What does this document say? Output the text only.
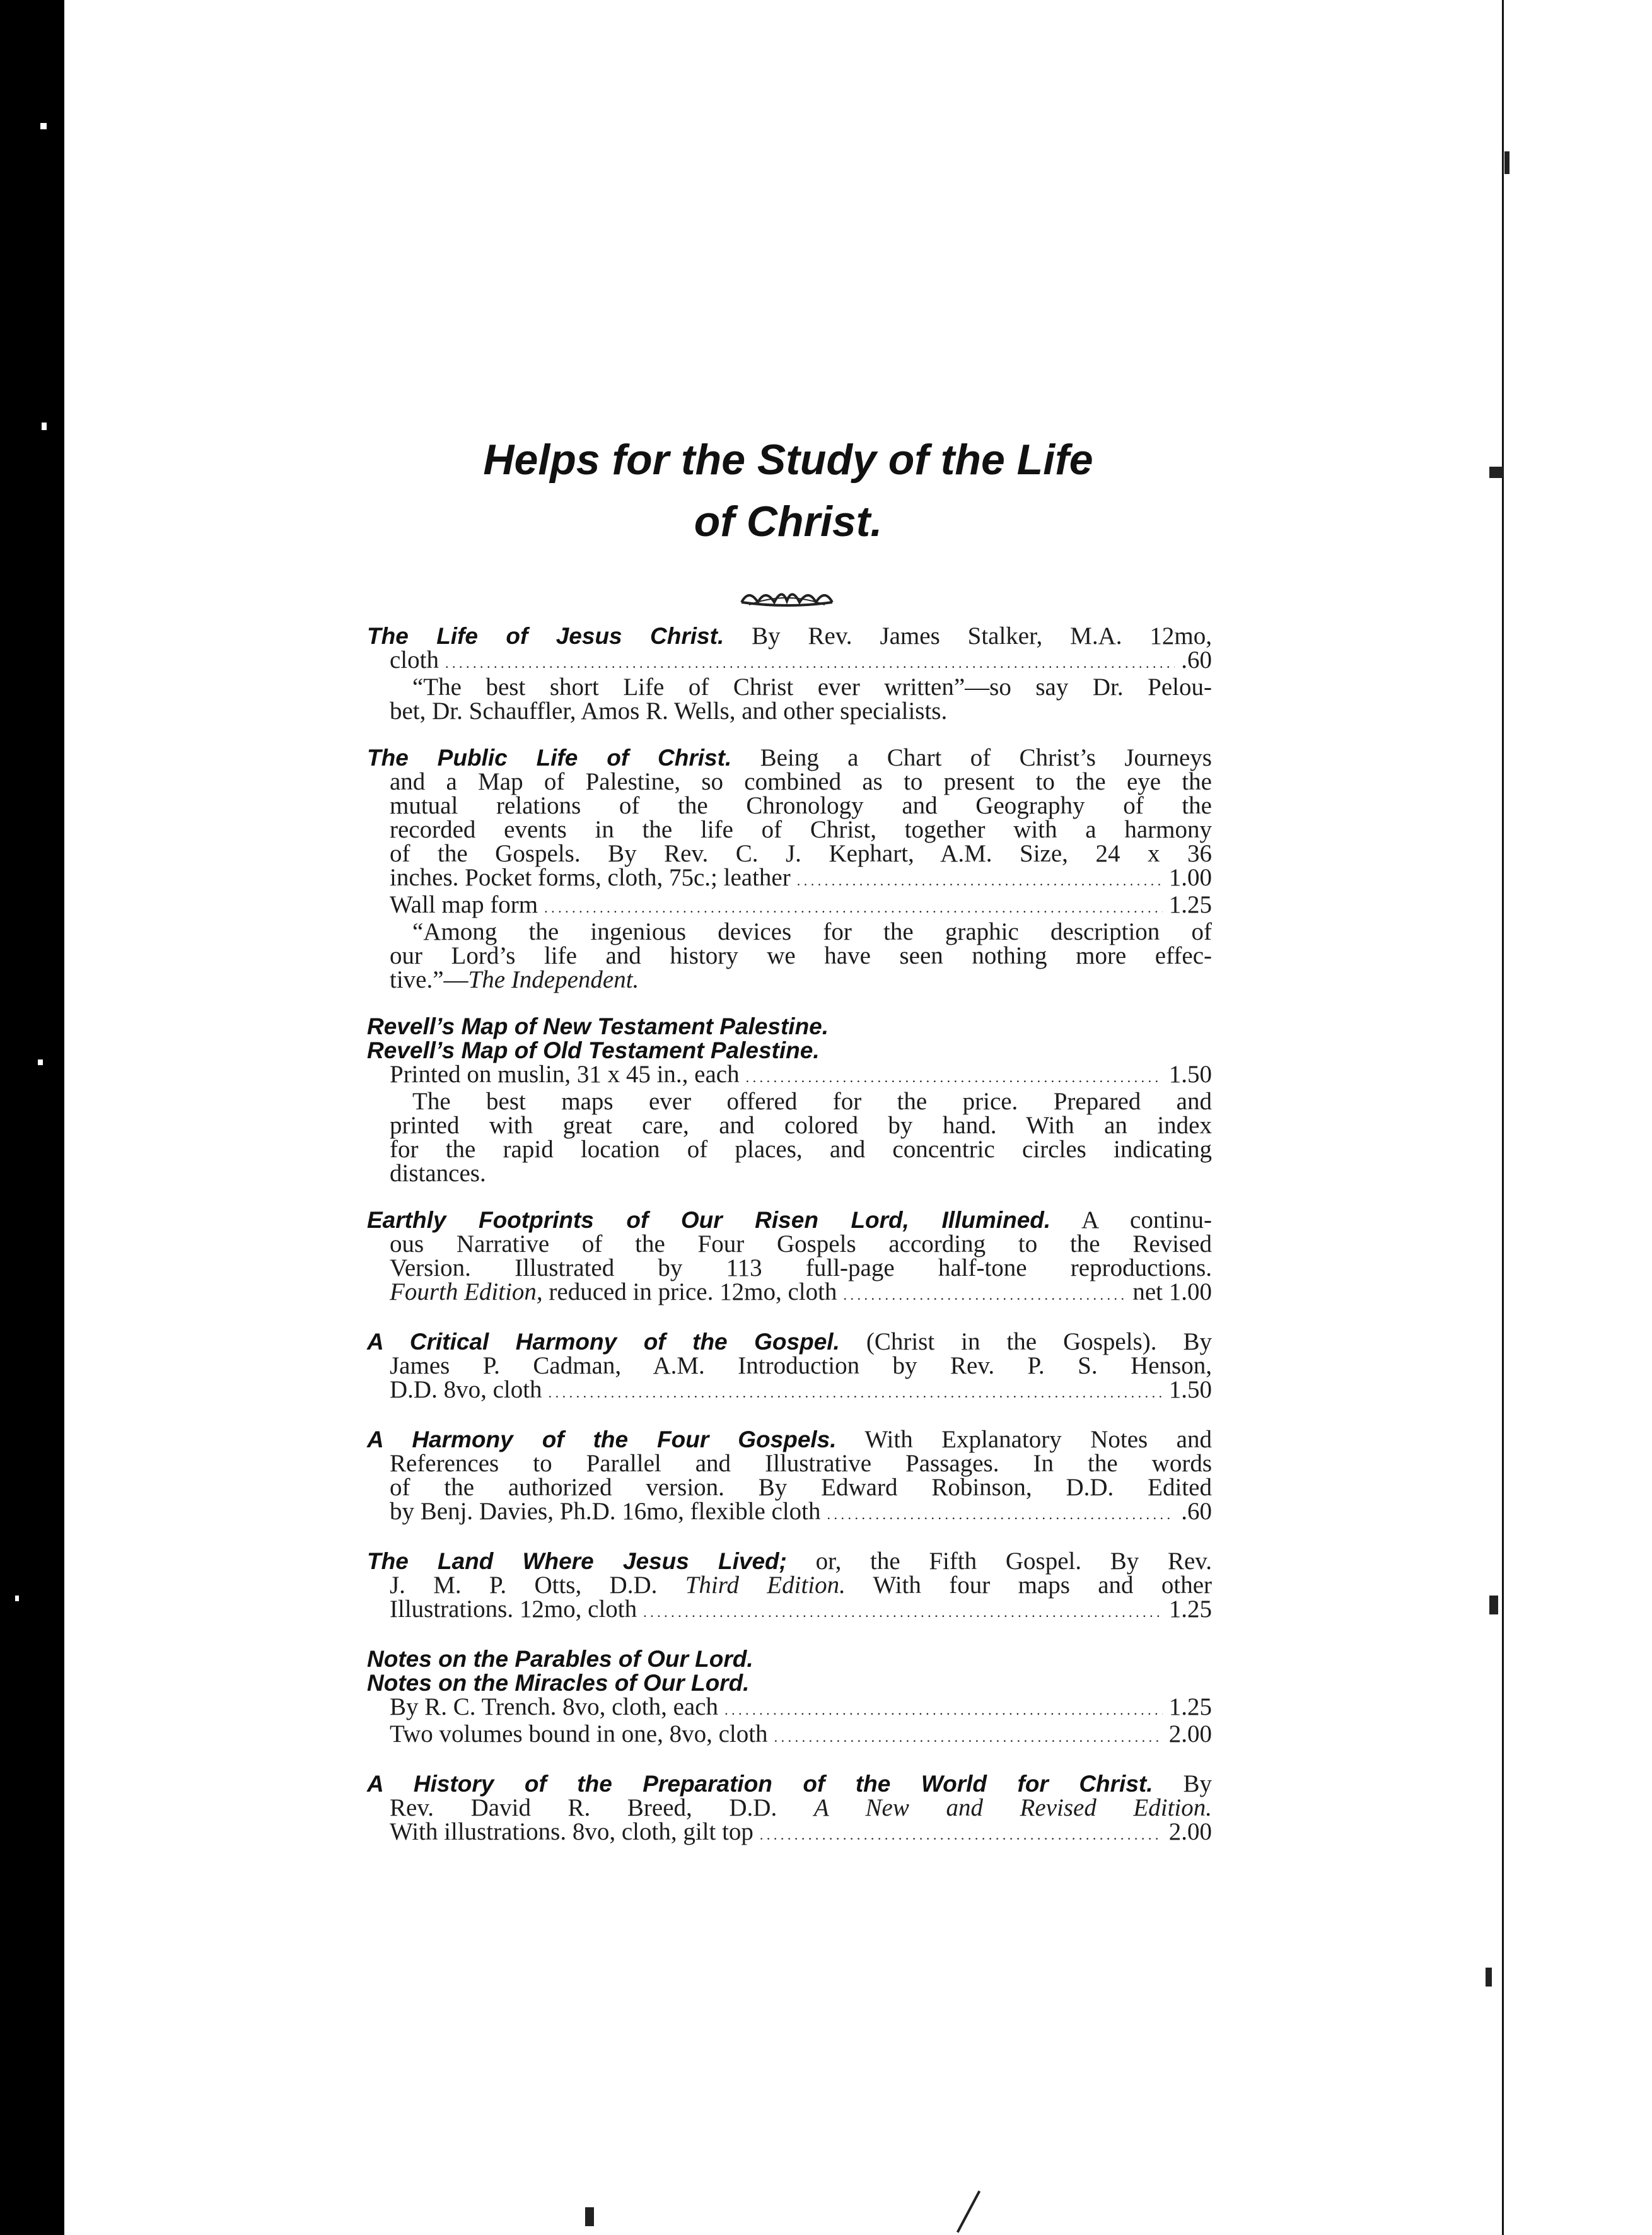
Helps for the Study of the Life
of Christ.
The Life of Jesus Christ. By Rev. James Stalker, M.A. 12mo,
cloth . . .	.60
“The best short Life of Christ ever written”—so say Dr. Pelou-
bet, Dr. Schauffler, Amos R. Wells, and other specialists.
The Public Life of Christ. Being a Chart of Christ’s Journeys
and a Map of Palestine, so combined as to present to the eye the
mutual relations of the Chronology and Geography of the
recorded events in the life of Christ, together with a harmony
of the Gospels. By Rev. C. J. Kephart, A.M. Size, 24 x 36
inches. Pocket forms, cloth, 75c.; leather . . .	1.00
Wall map form . . .	1.25
“Among the ingenious devices for the graphic description of
our Lord’s life and history we have seen nothing more effec-
tive.”—The Independent.
Revell’s Map of New Testament Palestine.
Revell’s Map of Old Testament Palestine.
Printed on muslin, 31 x 45 in., each . . .	1.50
The best maps ever offered for the price. Prepared and
printed with great care, and colored by hand. With an index
for the rapid location of places, and concentric circles indicating
distances.
Earthly Footprints of Our Risen Lord, Illumined. A continu-
ous Narrative of the Four Gospels according to the Revised
Version. Illustrated by 113 full-page half-tone reproductions.
Fourth Edition,
reduced in price. 12mo, cloth . . .	net 1.00
A Critical Harmony of the Gospel. (Christ in the Gospels). By
James P. Cadman, A.M. Introduction by Rev. P. S. Henson,
D.D. 8vo, cloth . . .	1.50
A Harmony of the Four Gospels. With Explanatory Notes and
References to Parallel and Illustrative Passages. In the words
of the authorized version. By Edward Robinson, D.D. Edited
by Benj. Davies, Ph.D. 16mo, flexible cloth . . .	.60
The Land Where Jesus Lived; or, the Fifth Gospel. By Rev.
J. M. P. Otts, D.D. Third Edition. With four maps and other
Illustrations. 12mo, cloth . . .	1.25
Notes on the Parables of Our Lord.
Notes on the Miracles of Our Lord.
By R. C. Trench. 8vo, cloth, each . . .	1.25
Two volumes bound in one, 8vo, cloth . . .	2.00
A History of the Preparation of the World for Christ. By
Rev. David R. Breed, D.D. A New and Revised Edition.
With illustrations. 8vo, cloth, gilt top . . .	2.00
